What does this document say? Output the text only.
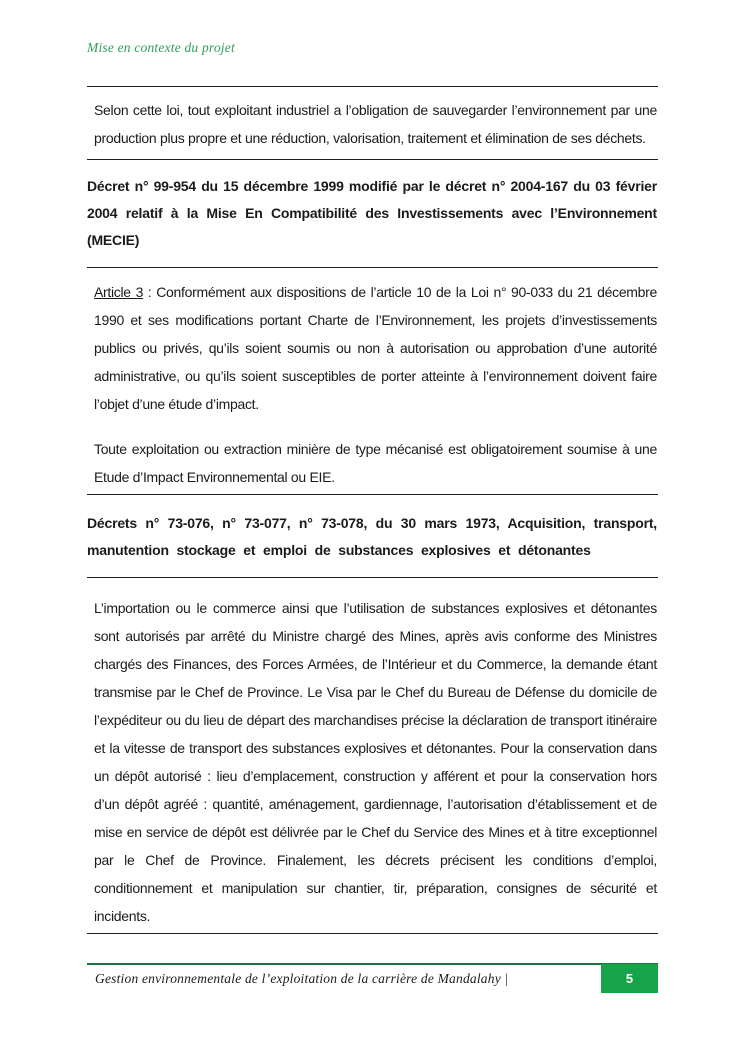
Mise en contexte du projet

Selon cette loi, tout exploitant industriel a l’obligation de sauvegarder l’environnement par une production plus propre et une réduction, valorisation, traitement et élimination de ses déchets.

Décret n° 99-954 du 15 décembre 1999 modifié par le décret n° 2004-167 du 03 février 2004 relatif à la Mise En Compatibilité des Investissements avec l’Environnement (MECIE)

Article 3 : Conformément aux dispositions de l’article 10 de la Loi n° 90-033 du 21 décembre 1990 et ses modifications portant Charte de l’Environnement, les projets d’investissements publics ou privés, qu’ils soient soumis ou non à autorisation ou approbation d’une autorité administrative, ou qu’ils soient susceptibles de porter atteinte à l’environnement doivent faire l’objet d’une étude d’impact.

Toute exploitation ou extraction minière de type mécanisé est obligatoirement soumise à une Etude d’Impact Environnemental ou EIE.

Décrets n° 73-076, n° 73-077, n° 73-078, du 30 mars 1973, Acquisition, transport, manutention stockage et emploi de substances explosives et détonantes

L’importation ou le commerce ainsi que l’utilisation de substances explosives et détonantes sont autorisés par arrêté du Ministre chargé des Mines, après avis conforme des Ministres chargés des Finances, des Forces Armées, de l’Intérieur et du Commerce, la demande étant transmise par le Chef de Province. Le Visa par le Chef du Bureau de Défense du domicile de l’expéditeur ou du lieu de départ des marchandises précise la déclaration de transport itinéraire et la vitesse de transport des substances explosives et détonantes. Pour la conservation dans un dépôt autorisé : lieu d’emplacement, construction y afférent et pour la conservation hors d’un dépôt agréé : quantité, aménagement, gardiennage, l’autorisation d’établissement et de mise en service de dépôt est délivrée par le Chef du Service des Mines et à titre exceptionnel par le Chef de Province. Finalement, les décrets précisent les conditions d’emploi, conditionnement et manipulation sur chantier, tir, préparation, consignes de sécurité et incidents.

Gestion environnementale de l’exploitation de la carrière de Mandalahy |	5
